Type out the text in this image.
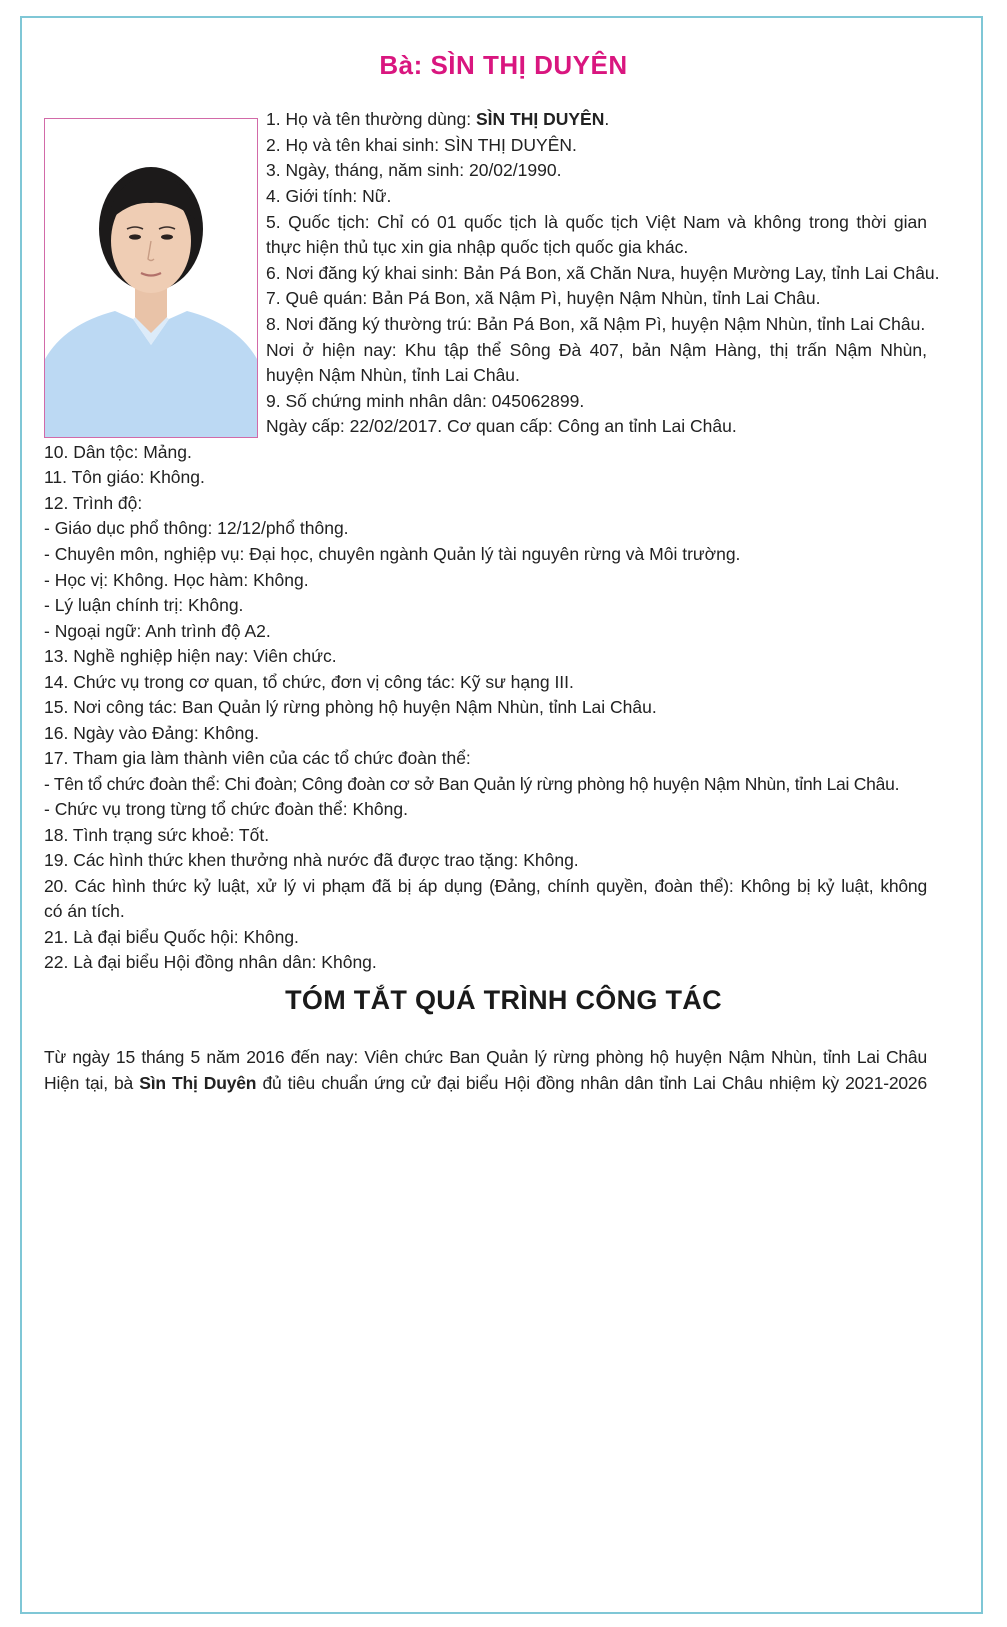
Bà: SÌN THỊ DUYÊN
1. Họ và tên thường dùng: SÌN THỊ DUYÊN.
2. Họ và tên khai sinh: SÌN THỊ DUYÊN.
3. Ngày, tháng, năm sinh: 20/02/1990.
4. Giới tính: Nữ.
5. Quốc tịch: Chỉ có 01 quốc tịch là quốc tịch Việt Nam và không trong thời gian
thực hiện thủ tục xin gia nhập quốc tịch quốc gia khác.
6. Nơi đăng ký khai sinh: Bản Pá Bon, xã Chăn Nưa, huyện Mường Lay, tỉnh Lai Châu.
7. Quê quán: Bản Pá Bon, xã Nậm Pì, huyện Nậm Nhùn, tỉnh Lai Châu.
8. Nơi đăng ký thường trú: Bản Pá Bon, xã Nậm Pì, huyện Nậm Nhùn, tỉnh Lai Châu.
Nơi ở hiện nay: Khu tập thể Sông Đà 407, bản Nậm Hàng, thị trấn Nậm Nhùn,
huyện Nậm Nhùn, tỉnh Lai Châu.
9. Số chứng minh nhân dân: 045062899.
Ngày cấp: 22/02/2017. Cơ quan cấp: Công an tỉnh Lai Châu.
10. Dân tộc: Mảng.
11. Tôn giáo: Không.
12. Trình độ:
- Giáo dục phổ thông: 12/12/phổ thông.
- Chuyên môn, nghiệp vụ: Đại học, chuyên ngành Quản lý tài nguyên rừng và Môi trường.
- Học vị: Không. Học hàm: Không.
- Lý luận chính trị: Không.
- Ngoại ngữ: Anh trình độ A2.
13. Nghề nghiệp hiện nay: Viên chức.
14. Chức vụ trong cơ quan, tổ chức, đơn vị công tác: Kỹ sư hạng III.
15. Nơi công tác: Ban Quản lý rừng phòng hộ huyện Nậm Nhùn, tỉnh Lai Châu.
16. Ngày vào Đảng: Không.
17. Tham gia làm thành viên của các tổ chức đoàn thể:
- Tên tổ chức đoàn thể: Chi đoàn; Công đoàn cơ sở Ban Quản lý rừng phòng hộ huyện Nậm Nhùn, tỉnh Lai Châu.
- Chức vụ trong từng tổ chức đoàn thể: Không.
18. Tình trạng sức khoẻ: Tốt.
19. Các hình thức khen thưởng nhà nước đã được trao tặng: Không.
20. Các hình thức kỷ luật, xử lý vi phạm đã bị áp dụng (Đảng, chính quyền, đoàn thể): Không bị kỷ luật, không
có án tích.
21. Là đại biểu Quốc hội: Không.
22. Là đại biểu Hội đồng nhân dân: Không.
TÓM TẮT QUÁ TRÌNH CÔNG TÁC
Từ ngày 15 tháng 5 năm 2016 đến nay: Viên chức Ban Quản lý rừng phòng hộ huyện Nậm Nhùn, tỉnh Lai Châu
Hiện tại, bà Sìn Thị Duyên đủ tiêu chuẩn ứng cử đại biểu Hội đồng nhân dân tỉnh Lai Châu nhiệm kỳ 2021-2026
